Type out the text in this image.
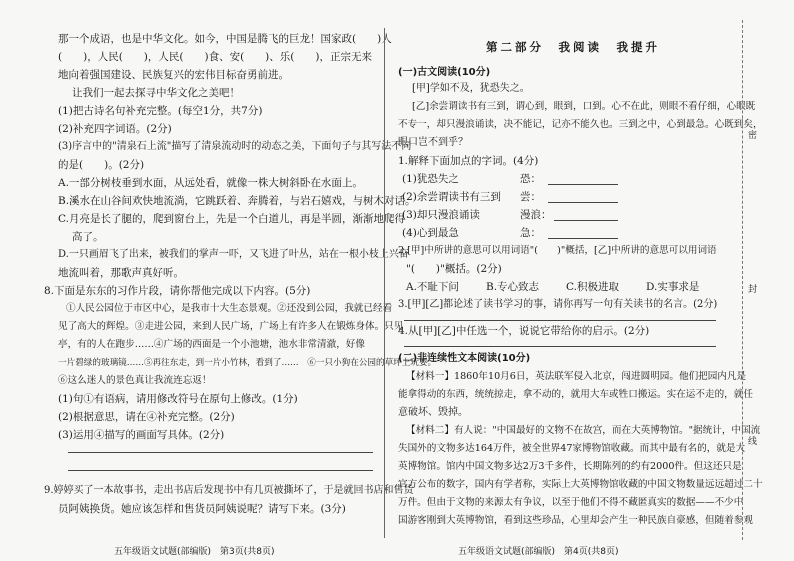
那一个成语，也是中华文化。如今，中国是腾飞的巨龙！国家政(　　)人
(　　)，人民(　　)，人民(　　)食、安(　　)、乐(　　)，正宗无来
地向着强国建设、民族复兴的宏伟目标奋勇前进。
让我们一起去探寻中华文化之美吧！
(1)把古诗名句补充完整。(每空1分，共7分)
(2)补充四字词语。(2分)
(3)序言中的"清泉石上流"描写了清泉流动时的动态之美，下面句子与其写法不同
的是(　　)。(2分)
A.一部分树枝垂到水面，从远处看，就像一株大树斜卧在水面上。
B.溪水在山谷间欢快地流淌，它跳跃着、奔腾着，与岩石嬉戏，与树木对话。
C.月亮是长了腿的，爬到窗台上，先是一个白道儿，再是半圆，渐渐地爬得
高了。
D.一只画眉飞了出来，被我们的掌声一吓，又飞进了叶丛，站在一根小枝上兴奋
地流叫着，那歌声真好听。
8.下面是东东的习作片段，请你帮他完成以下内容。(5分)
①人民公园位于市区中心，是我市十大生态景观。②还没到公园，我就已经看
见了高大的辉煌。③走进公园，来到人民广场，广场上有许多人在锻炼身体。只见
亭，有的人在跑步……④广场的西面是一个小池塘，池水非常清澈，好像
一片碧绿的玻璃镜……⑤再往东走，到一片小竹林，看到了……　⑥一只小狗在公园的草坪上玩耍。
⑥这么迷人的景色真让我流连忘返！
(1)句①有语病，请用修改符号在原句上修改。(1分)
(2)根据意思，请在④补充完整。(2分)
(3)运用④描写的画面写具体。(2分)
9.婷婷买了一本故事书，走出书店后发现书中有几页被撕坏了，于是就回书店和售货
员阿姨换货。她应该怎样和售货员阿姨说呢？请写下来。(3分)
五年级语文试题(部编版)　第3页(共8页)
第二部分　我阅读　我提升
(一)古文阅读(10分)
[甲]学如不及，犹恐失之。
[乙]余尝谓读书有三到，谓心到，眼到，口到。心不在此，则眼不看仔细，心眼既
不专一，却只漫浪诵读，决不能记，记亦不能久也。三到之中，心到最急。心既到矣，
眼口岂不到乎？
1.解释下面加点的字词。(4分)
(1)犹恐失之	恐：
(2)余尝谓读书有三到 尝：
(3)却只漫浪诵读	漫浪：
(4)心到最急	急：
2.[甲]中所讲的意思可以用词语"(　　)"概括，[乙]中所讲的意思可以用词语
"(　　)"概括。(2分)
A.不耻下问	B.专心致志	C.积极进取	D.实事求是
3.[甲][乙]都论述了读书学习的事，请你再写一句有关读书的名言。(2分)
4.从[甲][乙]中任选一个，说说它带给你的启示。(2分)
(二)非连续性文本阅读(10分)
【材料一】1860年10月6日，英法联军侵入北京，闯进圆明园。他们把园内凡是
能拿得动的东西，统统掠走，拿不动的，就用大车或牲口搬运。实在运不走的，就任
意破坏、毁掉。
【材料二】有人说："中国最好的文物不在故宫，而在大英博物馆。"据统计，中国流
失国外的文物多达164万件，被全世界47家博物馆收藏。而其中最有名的，就是大
英博物馆。馆内中国文物多达2万3千多件，长期陈列的约有2000件。但这还只是
官方公布的数字，国内有学者称，实际上大英博物馆收藏的中国文物数量远远超过二十
万件。但由于文物的来源太有争议，以至于他们不得不藏匿真实的数据——不少中
国游客刚到大英博物馆，看到这些珍品，心里却会产生一种民族自豪感，但随着参观
五年级语文试题(部编版)　第4页(共8页)
密
封
线
